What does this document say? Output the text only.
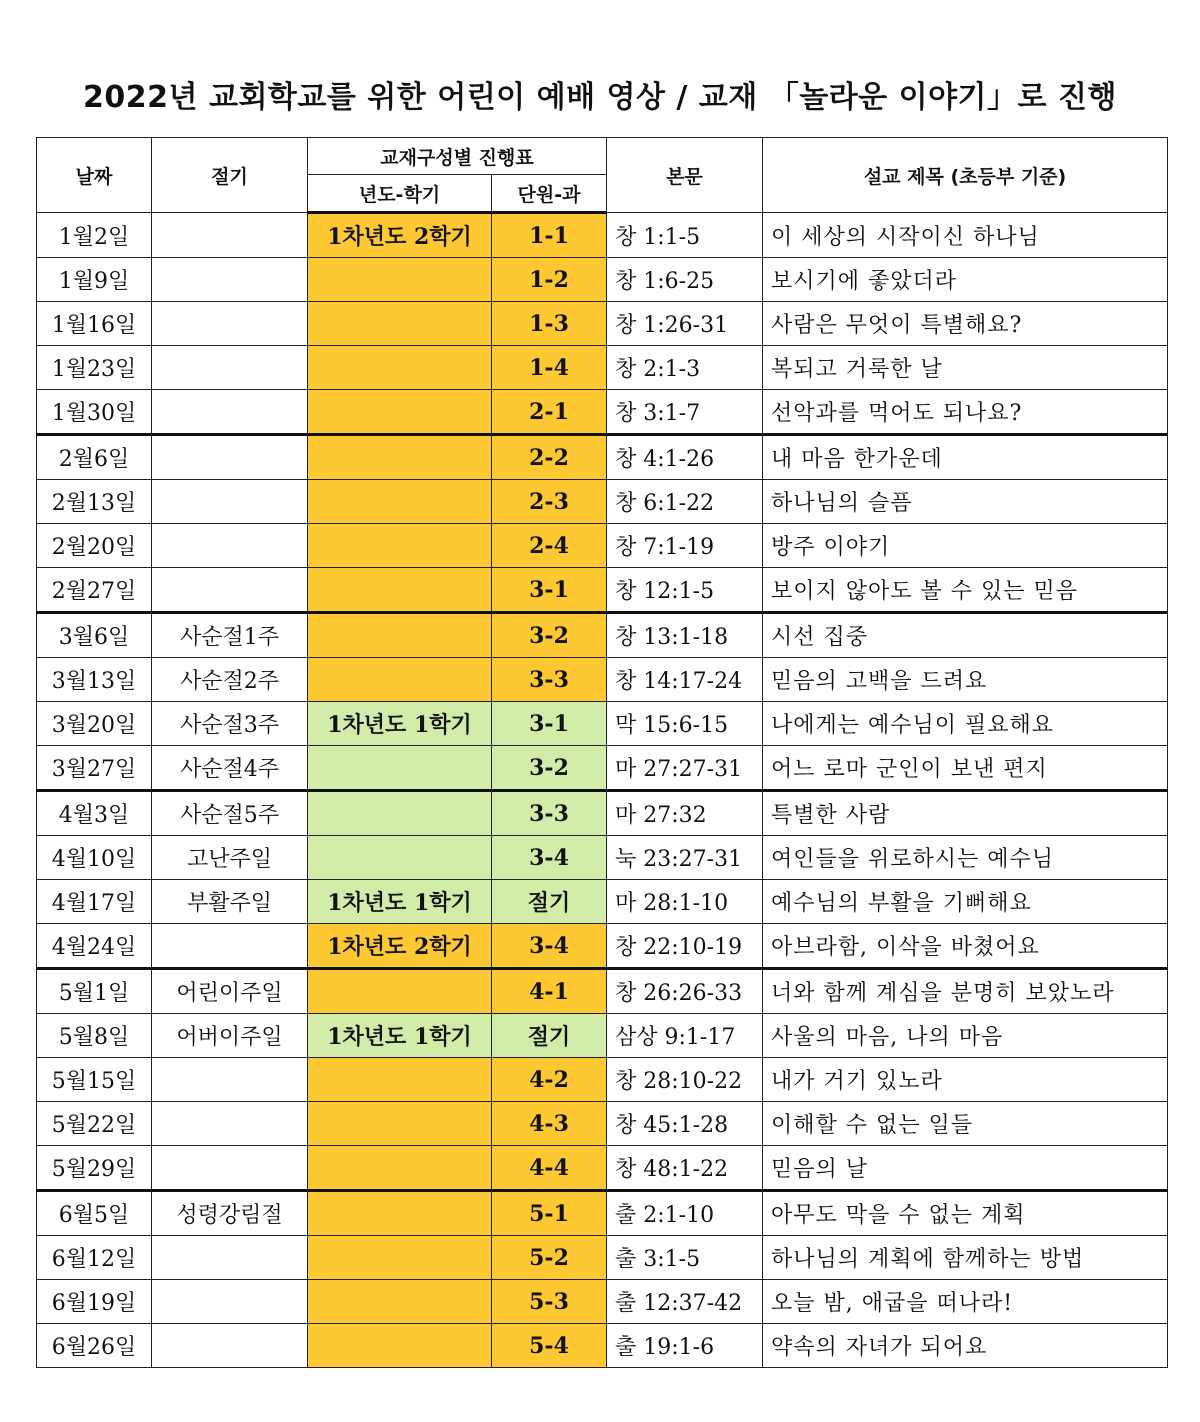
2022년 교회학교를 위한 어린이 예배 영상 / 교재 「놀라운 이야기」로 진행
날짜	절기	교재구성별 진행표		본문	설교 제목 (초등부 기준)
		년도-학기	단원-과		
1월2일		1차년도 2학기	1-1	창 1:1-5	이 세상의 시작이신 하나님
1월9일			1-2	창 1:6-25	보시기에 좋았더라
1월16일			1-3	창 1:26-31	사람은 무엇이 특별해요?
1월23일			1-4	창 2:1-3	복되고 거룩한 날
1월30일			2-1	창 3:1-7	선악과를 먹어도 되나요?
2월6일			2-2	창 4:1-26	내 마음 한가운데
2월13일			2-3	창 6:1-22	하나님의 슬픔
2월20일			2-4	창 7:1-19	방주 이야기
2월27일			3-1	창 12:1-5	보이지 않아도 볼 수 있는 믿음
3월6일	사순절1주		3-2	창 13:1-18	시선 집중
3월13일	사순절2주		3-3	창 14:17-24	믿음의 고백을 드려요
3월20일	사순절3주	1차년도 1학기	3-1	막 15:6-15	나에게는 예수님이 필요해요
3월27일	사순절4주		3-2	마 27:27-31	어느 로마 군인이 보낸 편지
4월3일	사순절5주		3-3	마 27:32	특별한 사람
4월10일	고난주일		3-4	눅 23:27-31	여인들을 위로하시는 예수님
4월17일	부활주일	1차년도 1학기	절기	마 28:1-10	예수님의 부활을 기뻐해요
4월24일		1차년도 2학기	3-4	창 22:10-19	아브라함, 이삭을 바쳤어요
5월1일	어린이주일		4-1	창 26:26-33	너와 함께 계심을 분명히 보았노라
5월8일	어버이주일	1차년도 1학기	절기	삼상 9:1-17	사울의 마음, 나의 마음
5월15일			4-2	창 28:10-22	내가 거기 있노라
5월22일			4-3	창 45:1-28	이해할 수 없는 일들
5월29일			4-4	창 48:1-22	믿음의 날
6월5일	성령강림절		5-1	출 2:1-10	아무도 막을 수 없는 계획
6월12일			5-2	출 3:1-5	하나님의 계획에 함께하는 방법
6월19일			5-3	출 12:37-42	오늘 밤, 애굽을 떠나라!
6월26일			5-4	출 19:1-6	약속의 자녀가 되어요
